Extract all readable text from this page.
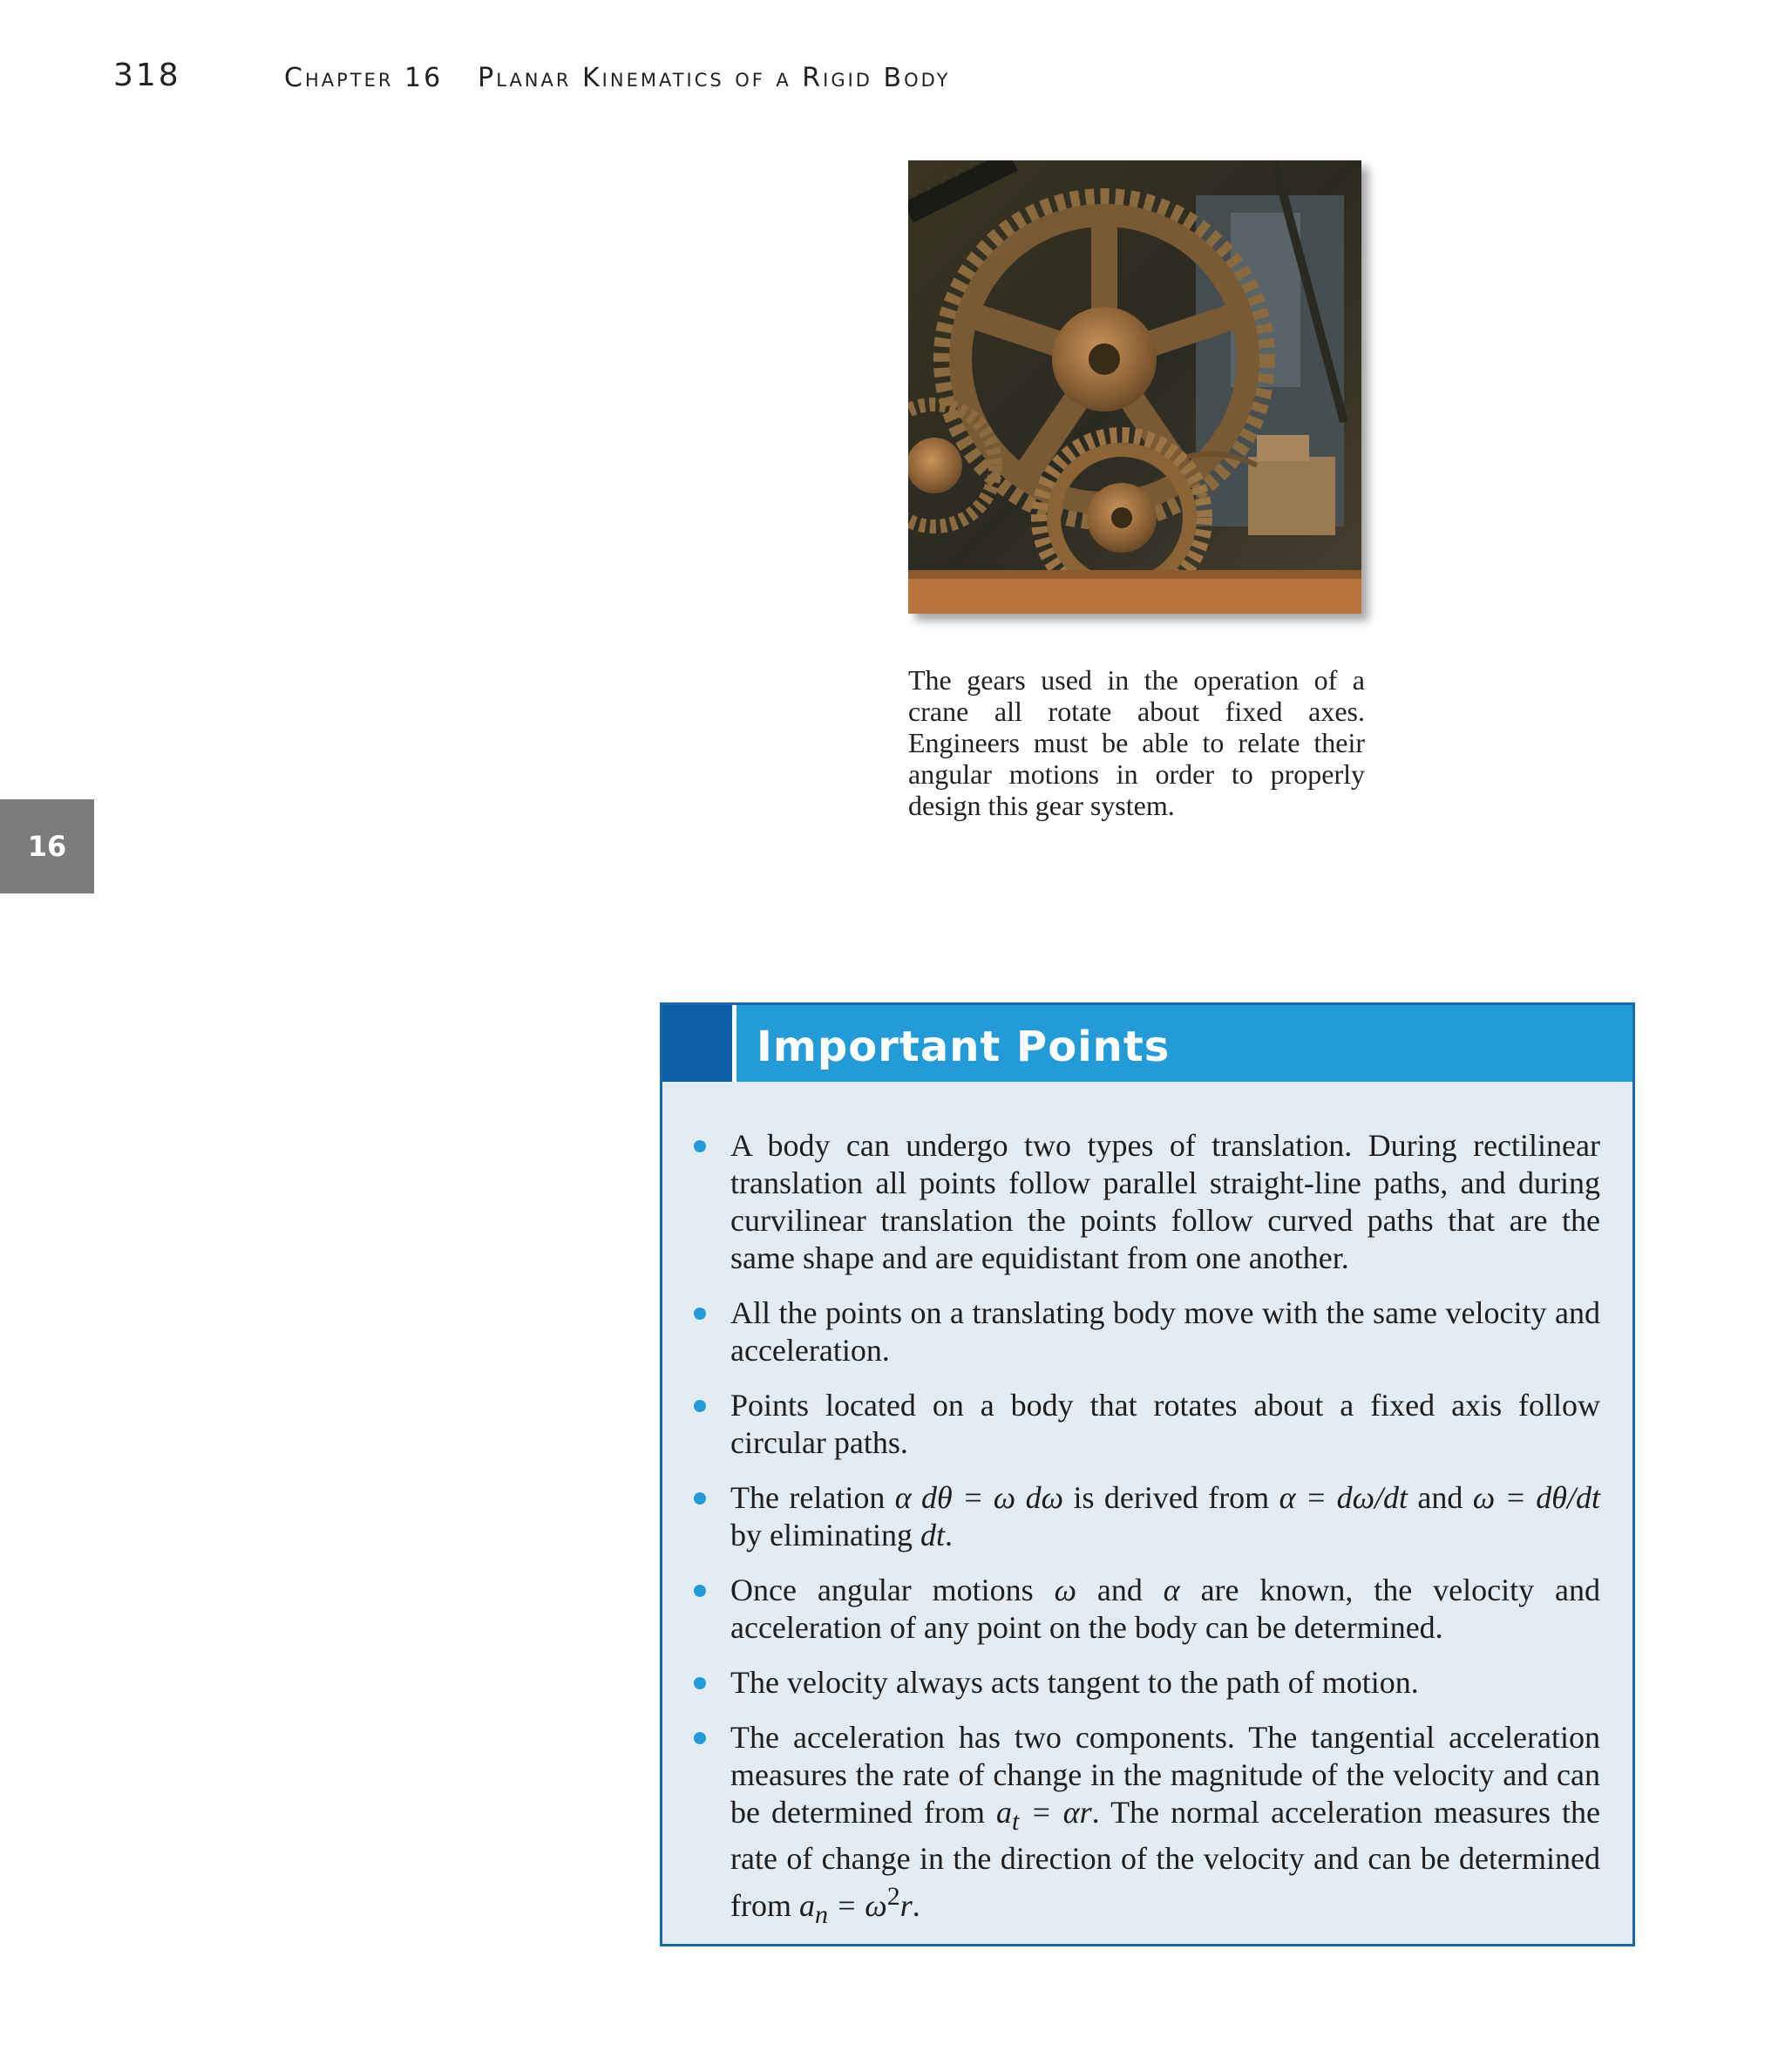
318	Chapter 16 Planar Kinematics of a Rigid Body
16
The gears used in the operation of a crane all rotate about fixed axes. Engineers must be able to relate their angular motions in order to properly design this gear system.
Important Points
A body can undergo two types of translation. During rectilinear translation all points follow parallel straight-line paths, and during curvilinear translation the points follow curved paths that are the same shape and are equidistant from one another.
All the points on a translating body move with the same velocity and acceleration.
Points located on a body that rotates about a fixed axis follow circular paths.
The relation α dθ = ω dω is derived from α = dω/dt and ω = dθ/dt by eliminating dt.
Once angular motions ω and α are known, the velocity and acceleration of any point on the body can be determined.
The velocity always acts tangent to the path of motion.
The acceleration has two components. The tangential acceleration measures the rate of change in the magnitude of the velocity and can be determined from $a_t = \alpha r$. The normal acceleration measures the rate of change in the direction of the velocity and can be determined from $a_n = \omega^2r$.
